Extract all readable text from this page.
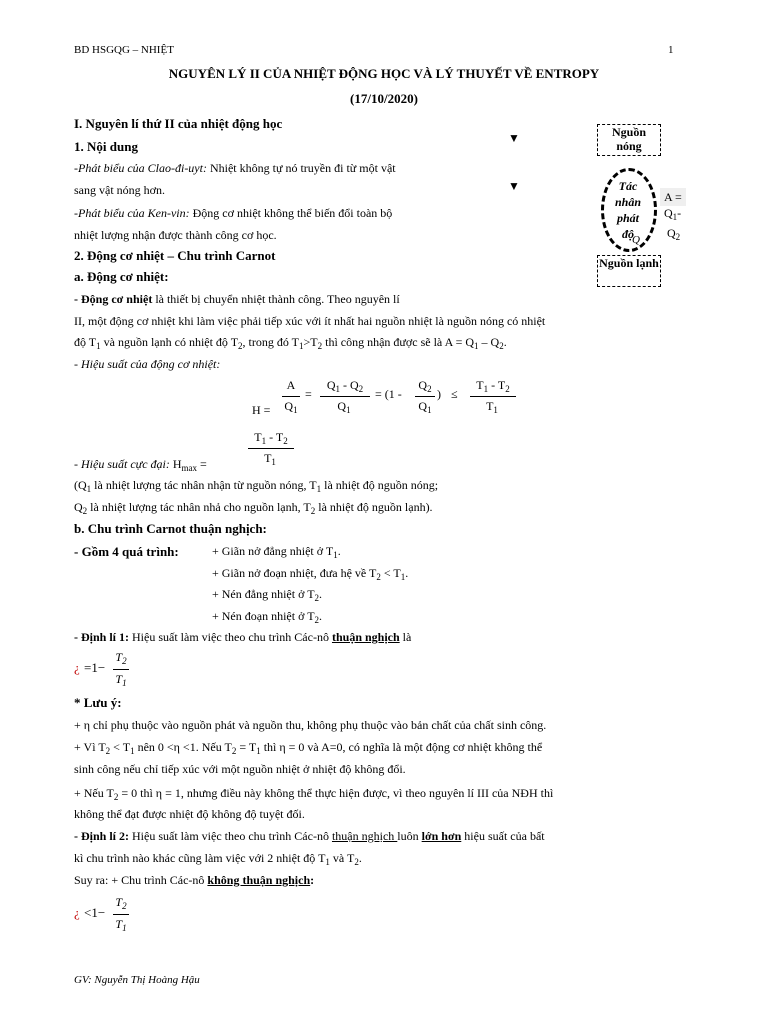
BD HSGQG – NHIỆT	1
NGUYÊN LÝ II CỦA NHIỆT ĐỘNG HỌC VÀ LÝ THUYẾT VỀ ENTROPY
(17/10/2020)
I. Nguyên lí thứ II của nhiệt động học
1. Nội dung
-Phát biểu của Clao-đi-uyt: Nhiệt không tự nó truyền đi từ một vật
sang vật nóng hơn.
-Phát biểu của Ken-vin: Động cơ nhiệt không thể biến đổi toàn bộ
nhiệt lượng nhận được thành công cơ học.
▼
▼
Nguồn nóng
Tác nhân phát độ
Q
A =
$Q_1-$
$Q_2$
Nguồn lạnh
2. Động cơ nhiệt – Chu trình Carnot
a. Động cơ nhiệt:
- Động cơ nhiệt là thiết bị chuyển nhiệt thành công. Theo nguyên lí
II, một động cơ nhiệt khi làm việc phải tiếp xúc với ít nhất hai nguồn nhiệt là nguồn nóng có nhiệt
độ $T_1$ và nguồn lạnh có nhiệt độ $T_2$, trong đó $T_1>T_2$ thì công nhận được sẽ là $A = Q_1 - Q_2$.
- Hiệu suất của động cơ nhiệt:
H =
A
$Q_1$
=
$Q_1 - Q_2$
$Q_1$
= (1 -
$Q_2$
$Q_1$
) ≤
$T_1 - T_2$
$T_1$
$T_1 - T_2$
$T_1$
- Hiệu suất cực đại: $H_{max}$ =
($Q_1$ là nhiệt lượng tác nhân nhận từ nguồn nóng, $T_1$ là nhiệt độ nguồn nóng;
$Q_2$ là nhiệt lượng tác nhân nhả cho nguồn lạnh, $T_2$ là nhiệt độ nguồn lạnh).
b. Chu trình Carnot thuận nghịch:
- Gồm 4 quá trình:	+ Giãn nở đẳng nhiệt ở $T_1$.
+ Giãn nở đoạn nhiệt, đưa hệ về $T_2 < T_1$.
+ Nén đẳng nhiệt ở $T_2$.
+ Nén đoạn nhiệt ở $T_2$.
- Định lí 1: Hiệu suất làm việc theo chu trình Các-nô thuận nghịch là
¿ =1−
$T_2$
$T_1$
* Lưu ý:
+ η chỉ phụ thuộc vào nguồn phát và nguồn thu, không phụ thuộc vào bản chất của chất sinh công.
+ Vì $T_2 < T_1$ nên 0 <η <1. Nếu $T_2 = T_1$ thì η = 0 và A=0, có nghĩa là một động cơ nhiệt không thể
sinh công nếu chỉ tiếp xúc với một nguồn nhiệt ở nhiệt độ không đổi.
+ Nếu $T_2 = 0$ thì η = 1, nhưng điều này không thể thực hiện được, vì theo nguyên lí III của NĐH thì
không thể đạt được nhiệt độ không độ tuyệt đối.
- Định lí 2: Hiệu suất làm việc theo chu trình Các-nô thuận nghịch luôn lớn hơn hiệu suất của bất
kì chu trình nào khác cũng làm việc với 2 nhiệt độ $T_1$ và $T_2$.
Suy ra: + Chu trình Các-nô không thuận nghịch:
¿ <1−
$T_2$
$T_1$
GV: Nguyễn Thị Hoàng Hậu
